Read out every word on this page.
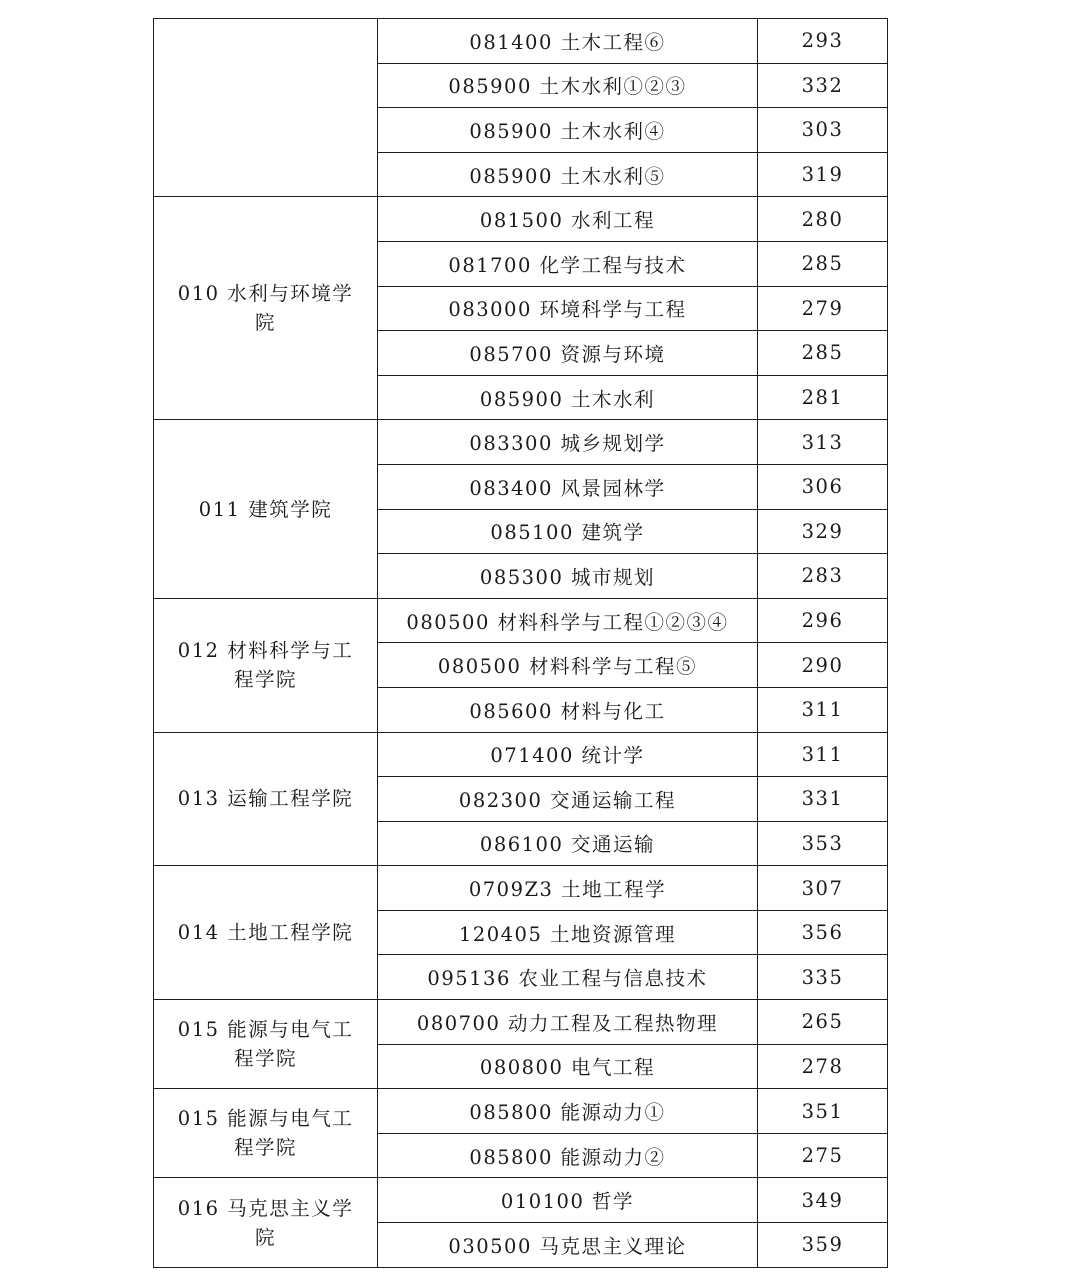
	081400 土木工程⑥	293
	085900 土木水利①②③	332
	085900 土木水利④	303
	085900 土木水利⑤	319
010 水利与环境学院	081500 水利工程	280
	081700 化学工程与技术	285
	083000 环境科学与工程	279
	085700 资源与环境	285
	085900 土木水利	281
011 建筑学院	083300 城乡规划学	313
	083400 风景园林学	306
	085100 建筑学	329
	085300 城市规划	283
012 材料科学与工程学院	080500 材料科学与工程①②③④	296
	080500 材料科学与工程⑤	290
	085600 材料与化工	311
013 运输工程学院	071400 统计学	311
	082300 交通运输工程	331
	086100 交通运输	353
014 土地工程学院	0709Z3 土地工程学	307
	120405 土地资源管理	356
	095136 农业工程与信息技术	335
015 能源与电气工程学院	080700 动力工程及工程热物理	265
	080800 电气工程	278
015 能源与电气工程学院	085800 能源动力①	351
	085800 能源动力②	275
016 马克思主义学院	010100 哲学	349
	030500 马克思主义理论	359
